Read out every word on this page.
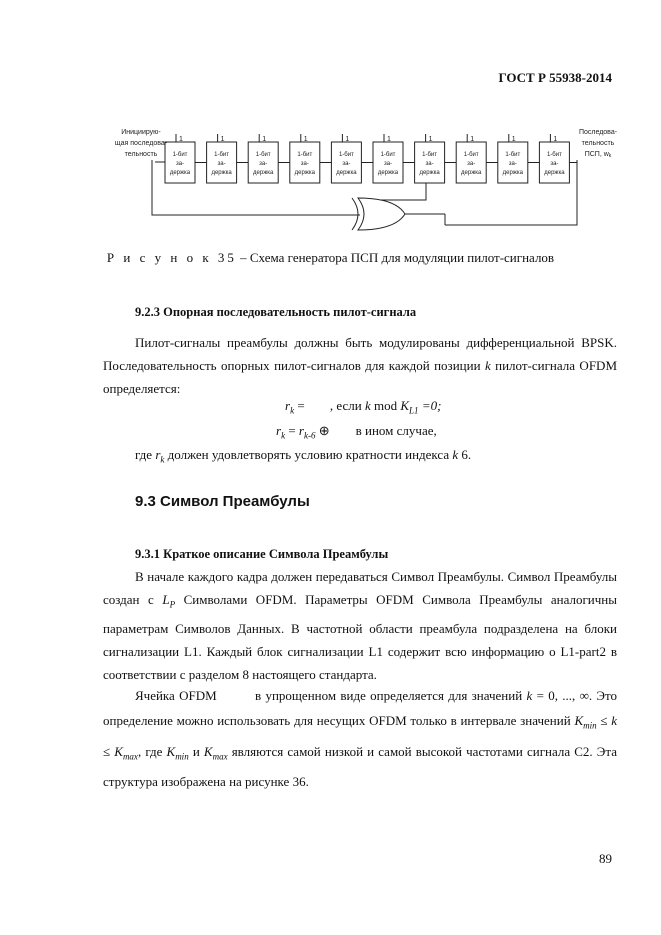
ГОСТ Р 55938-2014
Инициирую-
щая последова-
тельность
Последова-
тельность
ПСП, wk
1-бит
за-
держка
1
1-бит
за-
держка
1
1-бит
за-
держка
1
1-бит
за-
держка
1
1-бит
за-
держка
1
1-бит
за-
держка
1
1-бит
за-
держка
1
1-бит
за-
держка
1
1-бит
за-
держка
1
1-бит
за-
держка
1
Р и с у н о к 35 – Схема генератора ПСП для модуляции пилот-сигналов
9.2.3 Опорная последовательность пилот-сигнала
Пилот-сигналы преамбулы должны быть модулированы дифференциальной BPSK. Последовательность опорных пилот-сигналов для каждой позиции k пилот-сигнала OFDM определяется:
$r_k$ = , если k mod $K_{L1} =0$;
$r_k = r_{k-6}$ ⊕ в ином случае,
где $r_k$ должен удовлетворять условию кратности индекса k 6.
9.3 Символ Преамбулы
9.3.1 Краткое описание Символа Преамбулы
В начале каждого кадра должен передаваться Символ Преамбулы. Символ Преамбулы создан с $L_P$ Символами OFDM. Параметры OFDM Символа Преамбулы аналогичны параметрам Символов Данных. В частотной области преамбула подразделена на блоки сигнализации L1. Каждый блок сигнализации L1 содержит всю информацию о L1-part2 в соответствии с разделом 8 настоящего стандарта.
Ячейка OFDM	в упрощенном виде определяется для значений k = 0, ..., ∞. Это определение можно использовать для несущих OFDM только в интервале значений $K_{min} \le k \le K_{max}$, где $K_{min}$ и $K_{max}$ являются самой низкой и самой высокой частотами сигнала C2. Эта структура изображена на рисунке 36.
89
